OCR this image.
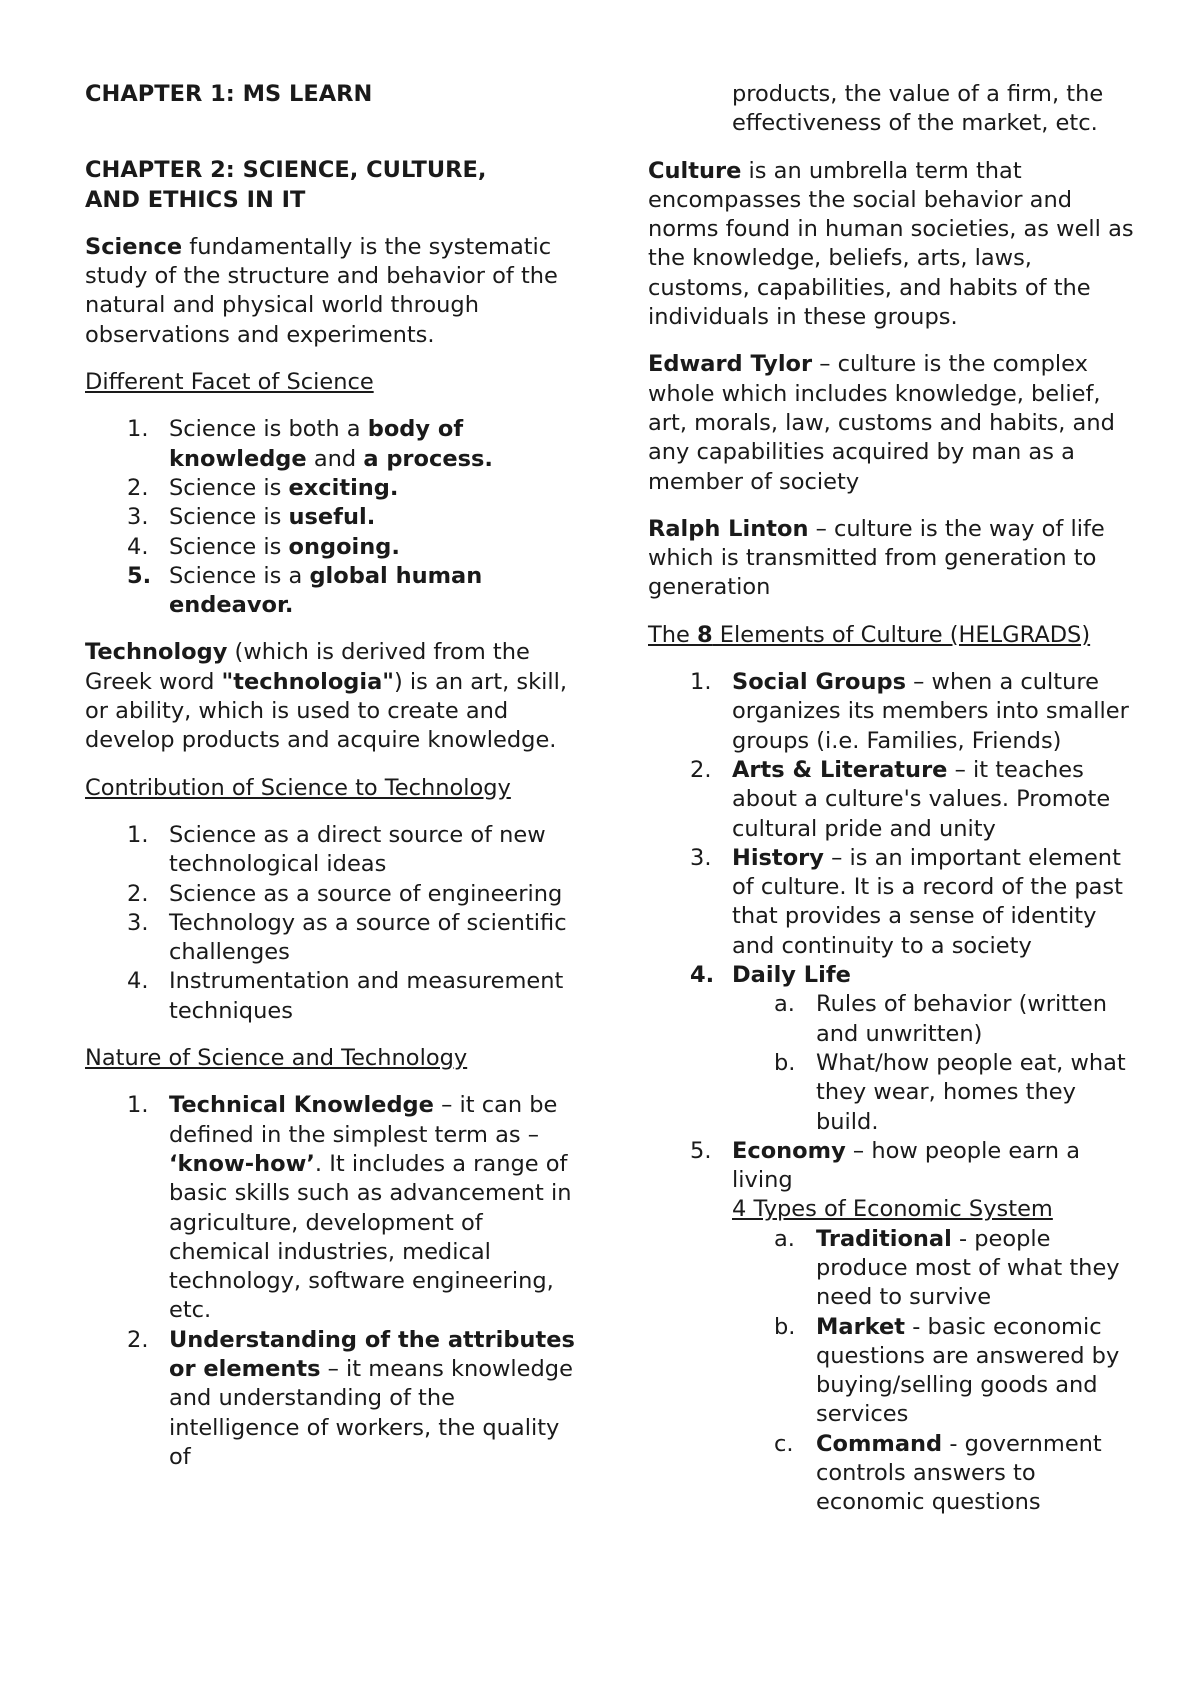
CHAPTER 1: MS LEARN
CHAPTER 2: SCIENCE, CULTURE,
AND ETHICS IN IT

Science fundamentally is the systematic study of the structure and behavior of the natural and physical world through observations and experiments.

Different Facet of Science

1. Science is both a body of knowledge and a process.
2. Science is exciting.
3. Science is useful.
4. Science is ongoing.
5. Science is a global human endeavor.

Technology (which is derived from the Greek word "technologia") is an art, skill, or ability, which is used to create and develop products and acquire knowledge.

Contribution of Science to Technology

1. Science as a direct source of new technological ideas
2. Science as a source of engineering
3. Technology as a source of scientific challenges
4. Instrumentation and measurement techniques

Nature of Science and Technology

1. Technical Knowledge – it can be defined in the simplest term as – ‘know-how’. It includes a range of basic skills such as advancement in agriculture, development of chemical industries, medical technology, software engineering, etc.
2. Understanding of the attributes or elements – it means knowledge and understanding of the intelligence of workers, the quality of
products, the value of a firm, the effectiveness of the market, etc.

Culture is an umbrella term that encompasses the social behavior and norms found in human societies, as well as the knowledge, beliefs, arts, laws, customs, capabilities, and habits of the individuals in these groups.

Edward Tylor – culture is the complex whole which includes knowledge, belief, art, morals, law, customs and habits, and any capabilities acquired by man as a member of society

Ralph Linton – culture is the way of life which is transmitted from generation to generation

The 8 Elements of Culture (HELGRADS)

1. Social Groups – when a culture organizes its members into smaller groups (i.e. Families, Friends)
2. Arts & Literature – it teaches about a culture's values. Promote cultural pride and unity
3. History – is an important element of culture. It is a record of the past that provides a sense of identity and continuity to a society
4. Daily Life
a. Rules of behavior (written and unwritten)
b. What/how people eat, what they wear, homes they build.
5. Economy – how people earn a living
4 Types of Economic System
a. Traditional - people produce most of what they need to survive
b. Market - basic economic questions are answered by buying/selling goods and services
c. Command - government controls answers to economic questions
